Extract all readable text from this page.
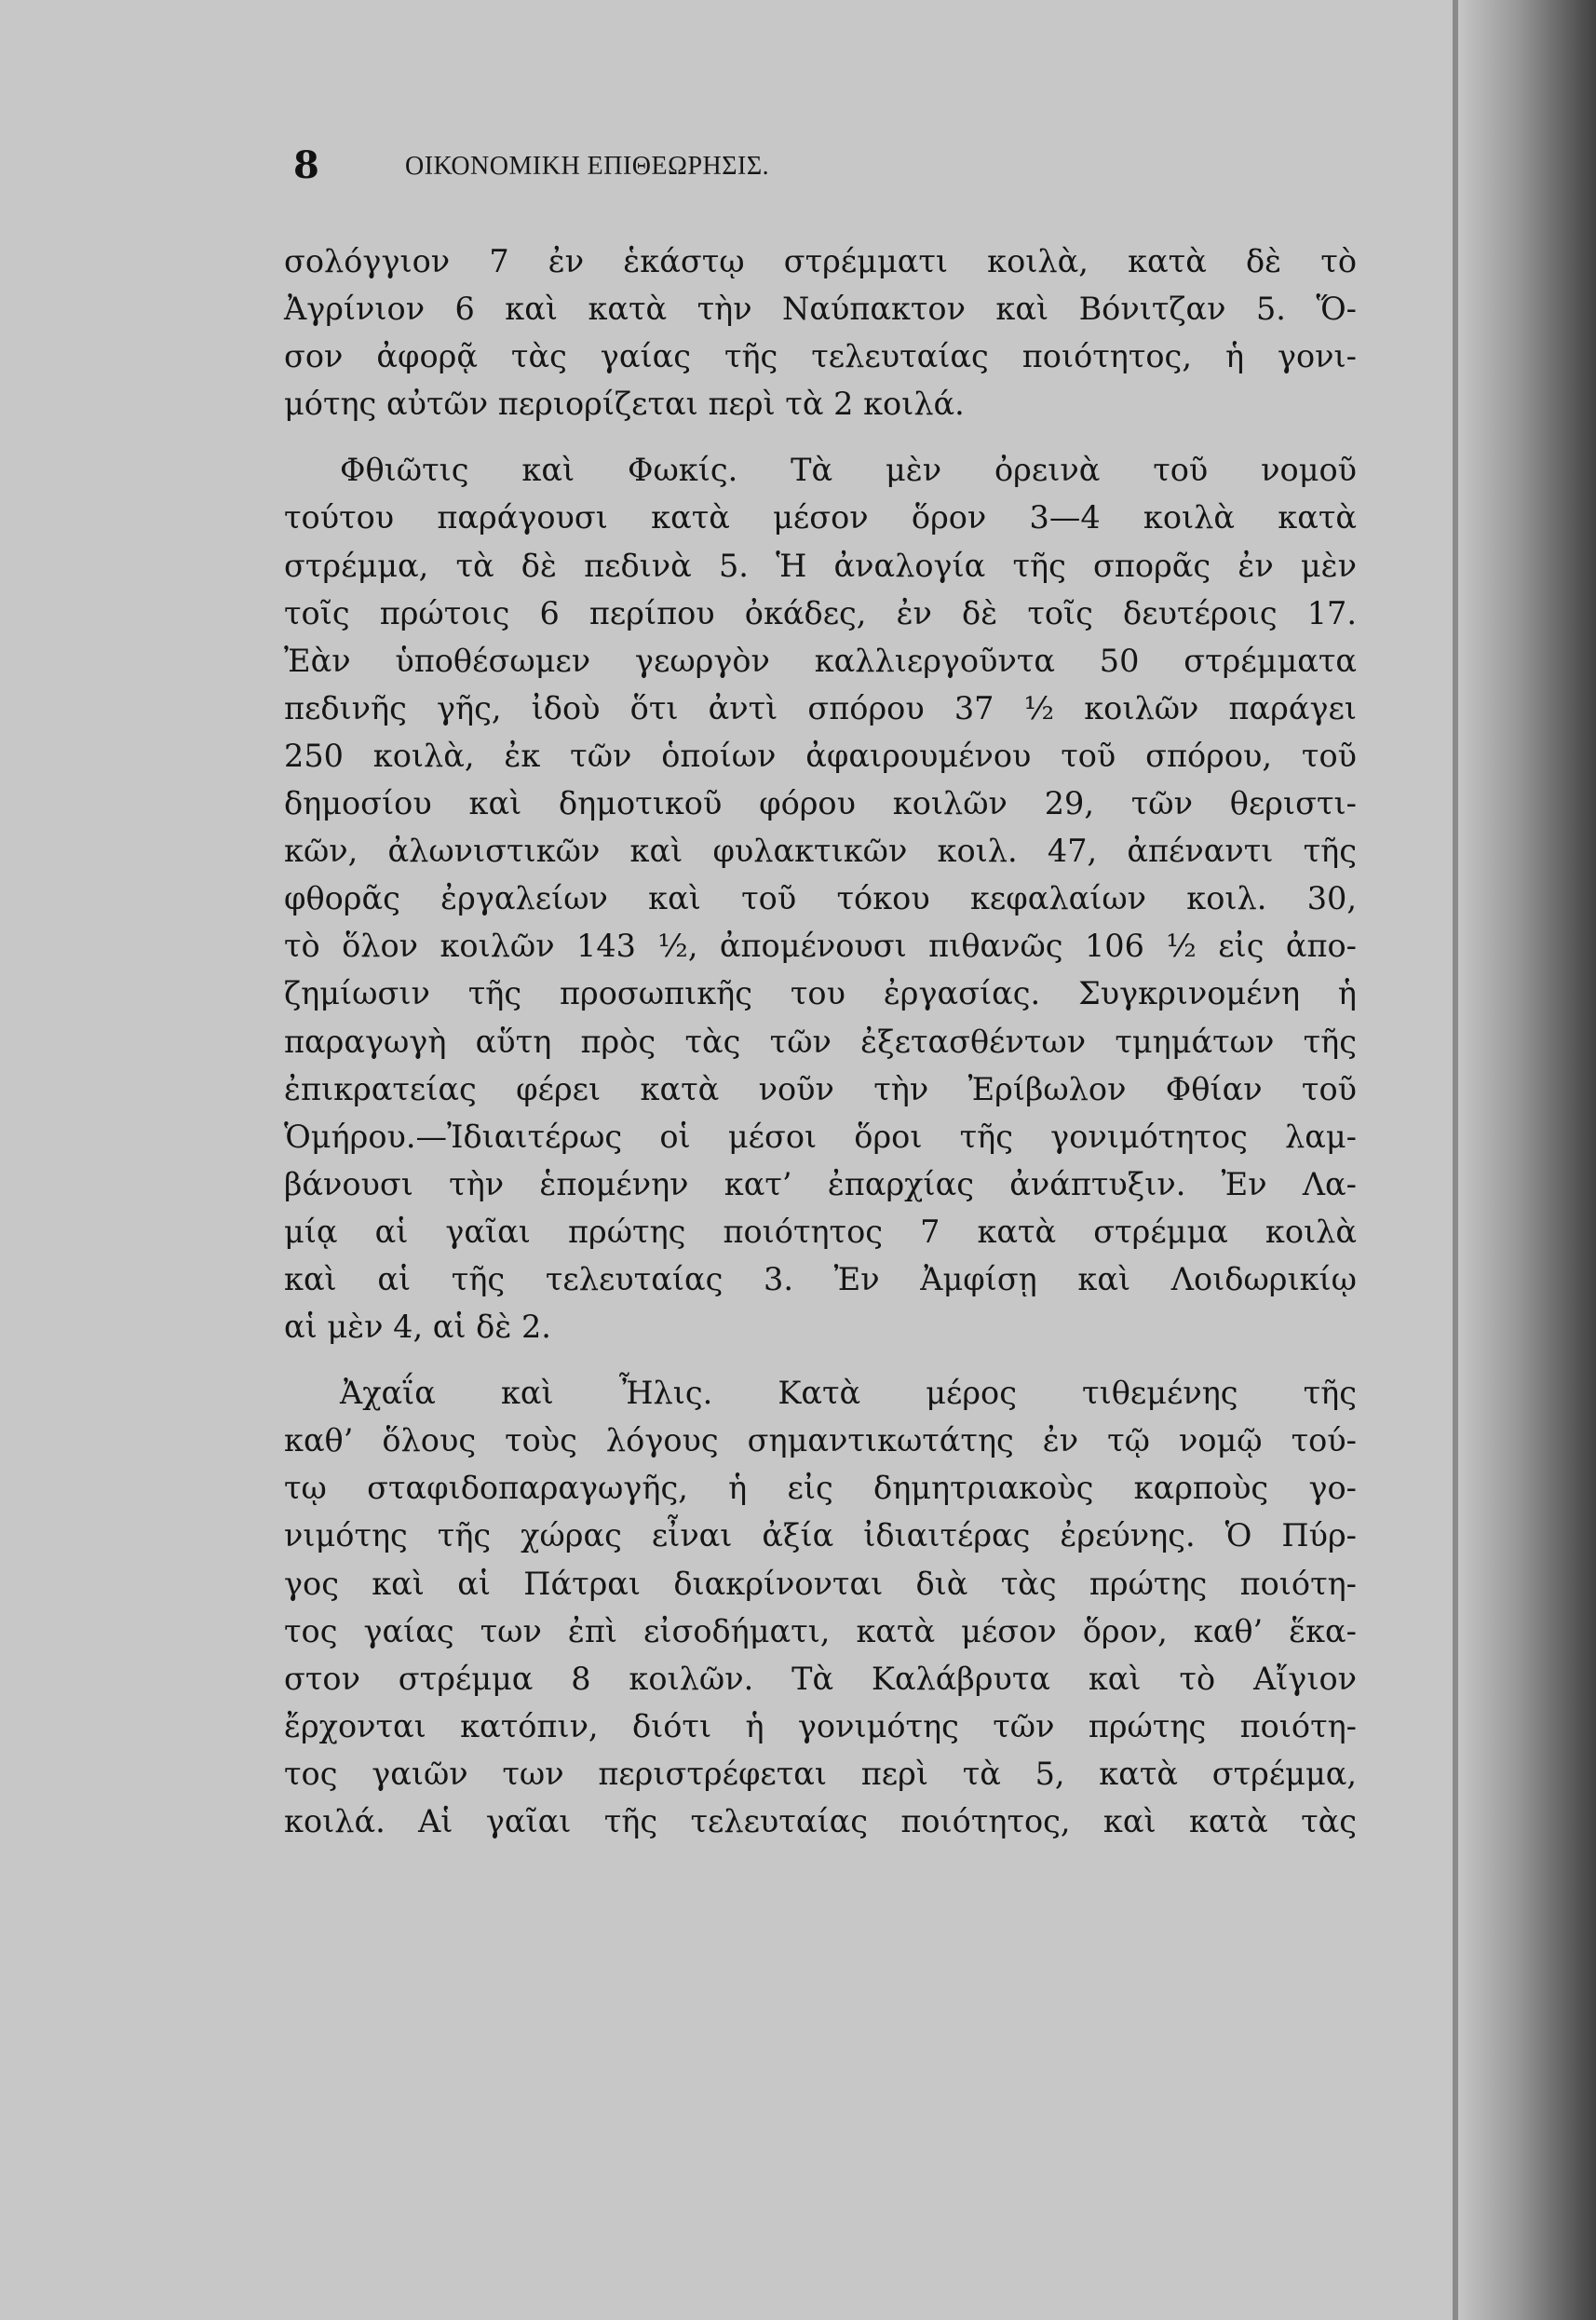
8	ΟΙΚΟΝΟΜΙΚΗ ΕΠΙΘΕΩΡΗΣΙΣ.
σολόγγιον 7 ἐν ἑκάστῳ στρέμματι κοιλὰ, κατὰ δὲ τὸ
Ἀγρίνιον 6 καὶ κατὰ τὴν Ναύπακτον καὶ Βόνιτζαν 5. Ὅ-
σον ἀφορᾷ τὰς γαίας τῆς τελευταίας ποιότητος, ἡ γονι-
μότης αὐτῶν περιορίζεται περὶ τὰ 2 κοιλά.
Φθιῶτις καὶ Φωκίς. Τὰ μὲν ὀρεινὰ τοῦ νομοῦ
τούτου παράγουσι κατὰ μέσον ὅρον 3—4 κοιλὰ κατὰ
στρέμμα, τὰ δὲ πεδινὰ 5. Ἡ ἀναλογία τῆς σπορᾶς ἐν μὲν
τοῖς πρώτοις 6 περίπου ὀκάδες, ἐν δὲ τοῖς δευτέροις 17.
Ἐὰν ὑποθέσωμεν γεωργὸν καλλιεργοῦντα 50 στρέμματα
πεδινῆς γῆς, ἰδοὺ ὅτι ἀντὶ σπόρου 37 ½ κοιλῶν παράγει
250 κοιλὰ, ἐκ τῶν ὁποίων ἀφαιρουμένου τοῦ σπόρου, τοῦ
δημοσίου καὶ δημοτικοῦ φόρου κοιλῶν 29, τῶν θεριστι-
κῶν, ἀλωνιστικῶν καὶ φυλακτικῶν κοιλ. 47, ἀπέναντι τῆς
φθορᾶς ἐργαλείων καὶ τοῦ τόκου κεφαλαίων κοιλ. 30,
τὸ ὅλον κοιλῶν 143 ½, ἀπομένουσι πιθανῶς 106 ½ εἰς ἀπο-
ζημίωσιν τῆς προσωπικῆς του ἐργασίας. Συγκρινομένη ἡ
παραγωγὴ αὕτη πρὸς τὰς τῶν ἐξετασθέντων τμημάτων τῆς
ἐπικρατείας φέρει κατὰ νοῦν τὴν Ἐρίβωλον Φθίαν τοῦ
Ὁμήρου.—Ἰδιαιτέρως οἱ μέσοι ὅροι τῆς γονιμότητος λαμ-
βάνουσι τὴν ἑπομένην κατ’ ἐπαρχίας ἀνάπτυξιν. Ἐν Λα-
μίᾳ αἱ γαῖαι πρώτης ποιότητος 7 κατὰ στρέμμα κοιλὰ
καὶ αἱ τῆς τελευταίας 3. Ἐν Ἀμφίσῃ καὶ Λοιδωρικίῳ
αἱ μὲν 4, αἱ δὲ 2.
Ἀχαΐα καὶ Ἦλις. Κατὰ μέρος τιθεμένης τῆς
καθ’ ὅλους τοὺς λόγους σημαντικωτάτης ἐν τῷ νομῷ τού-
τῳ σταφιδοπαραγωγῆς, ἡ εἰς δημητριακοὺς καρποὺς γο-
νιμότης τῆς χώρας εἶναι ἀξία ἰδιαιτέρας ἐρεύνης. Ὁ Πύρ-
γος καὶ αἱ Πάτραι διακρίνονται διὰ τὰς πρώτης ποιότη-
τος γαίας των ἐπὶ εἰσοδήματι, κατὰ μέσον ὅρον, καθ’ ἕκα-
στον στρέμμα 8 κοιλῶν. Τὰ Καλάβρυτα καὶ τὸ Αἴγιον
ἔρχονται κατόπιν, διότι ἡ γονιμότης τῶν πρώτης ποιότη-
τος γαιῶν των περιστρέφεται περὶ τὰ 5, κατὰ στρέμμα,
κοιλά. Αἱ γαῖαι τῆς τελευταίας ποιότητος, καὶ κατὰ τὰς
